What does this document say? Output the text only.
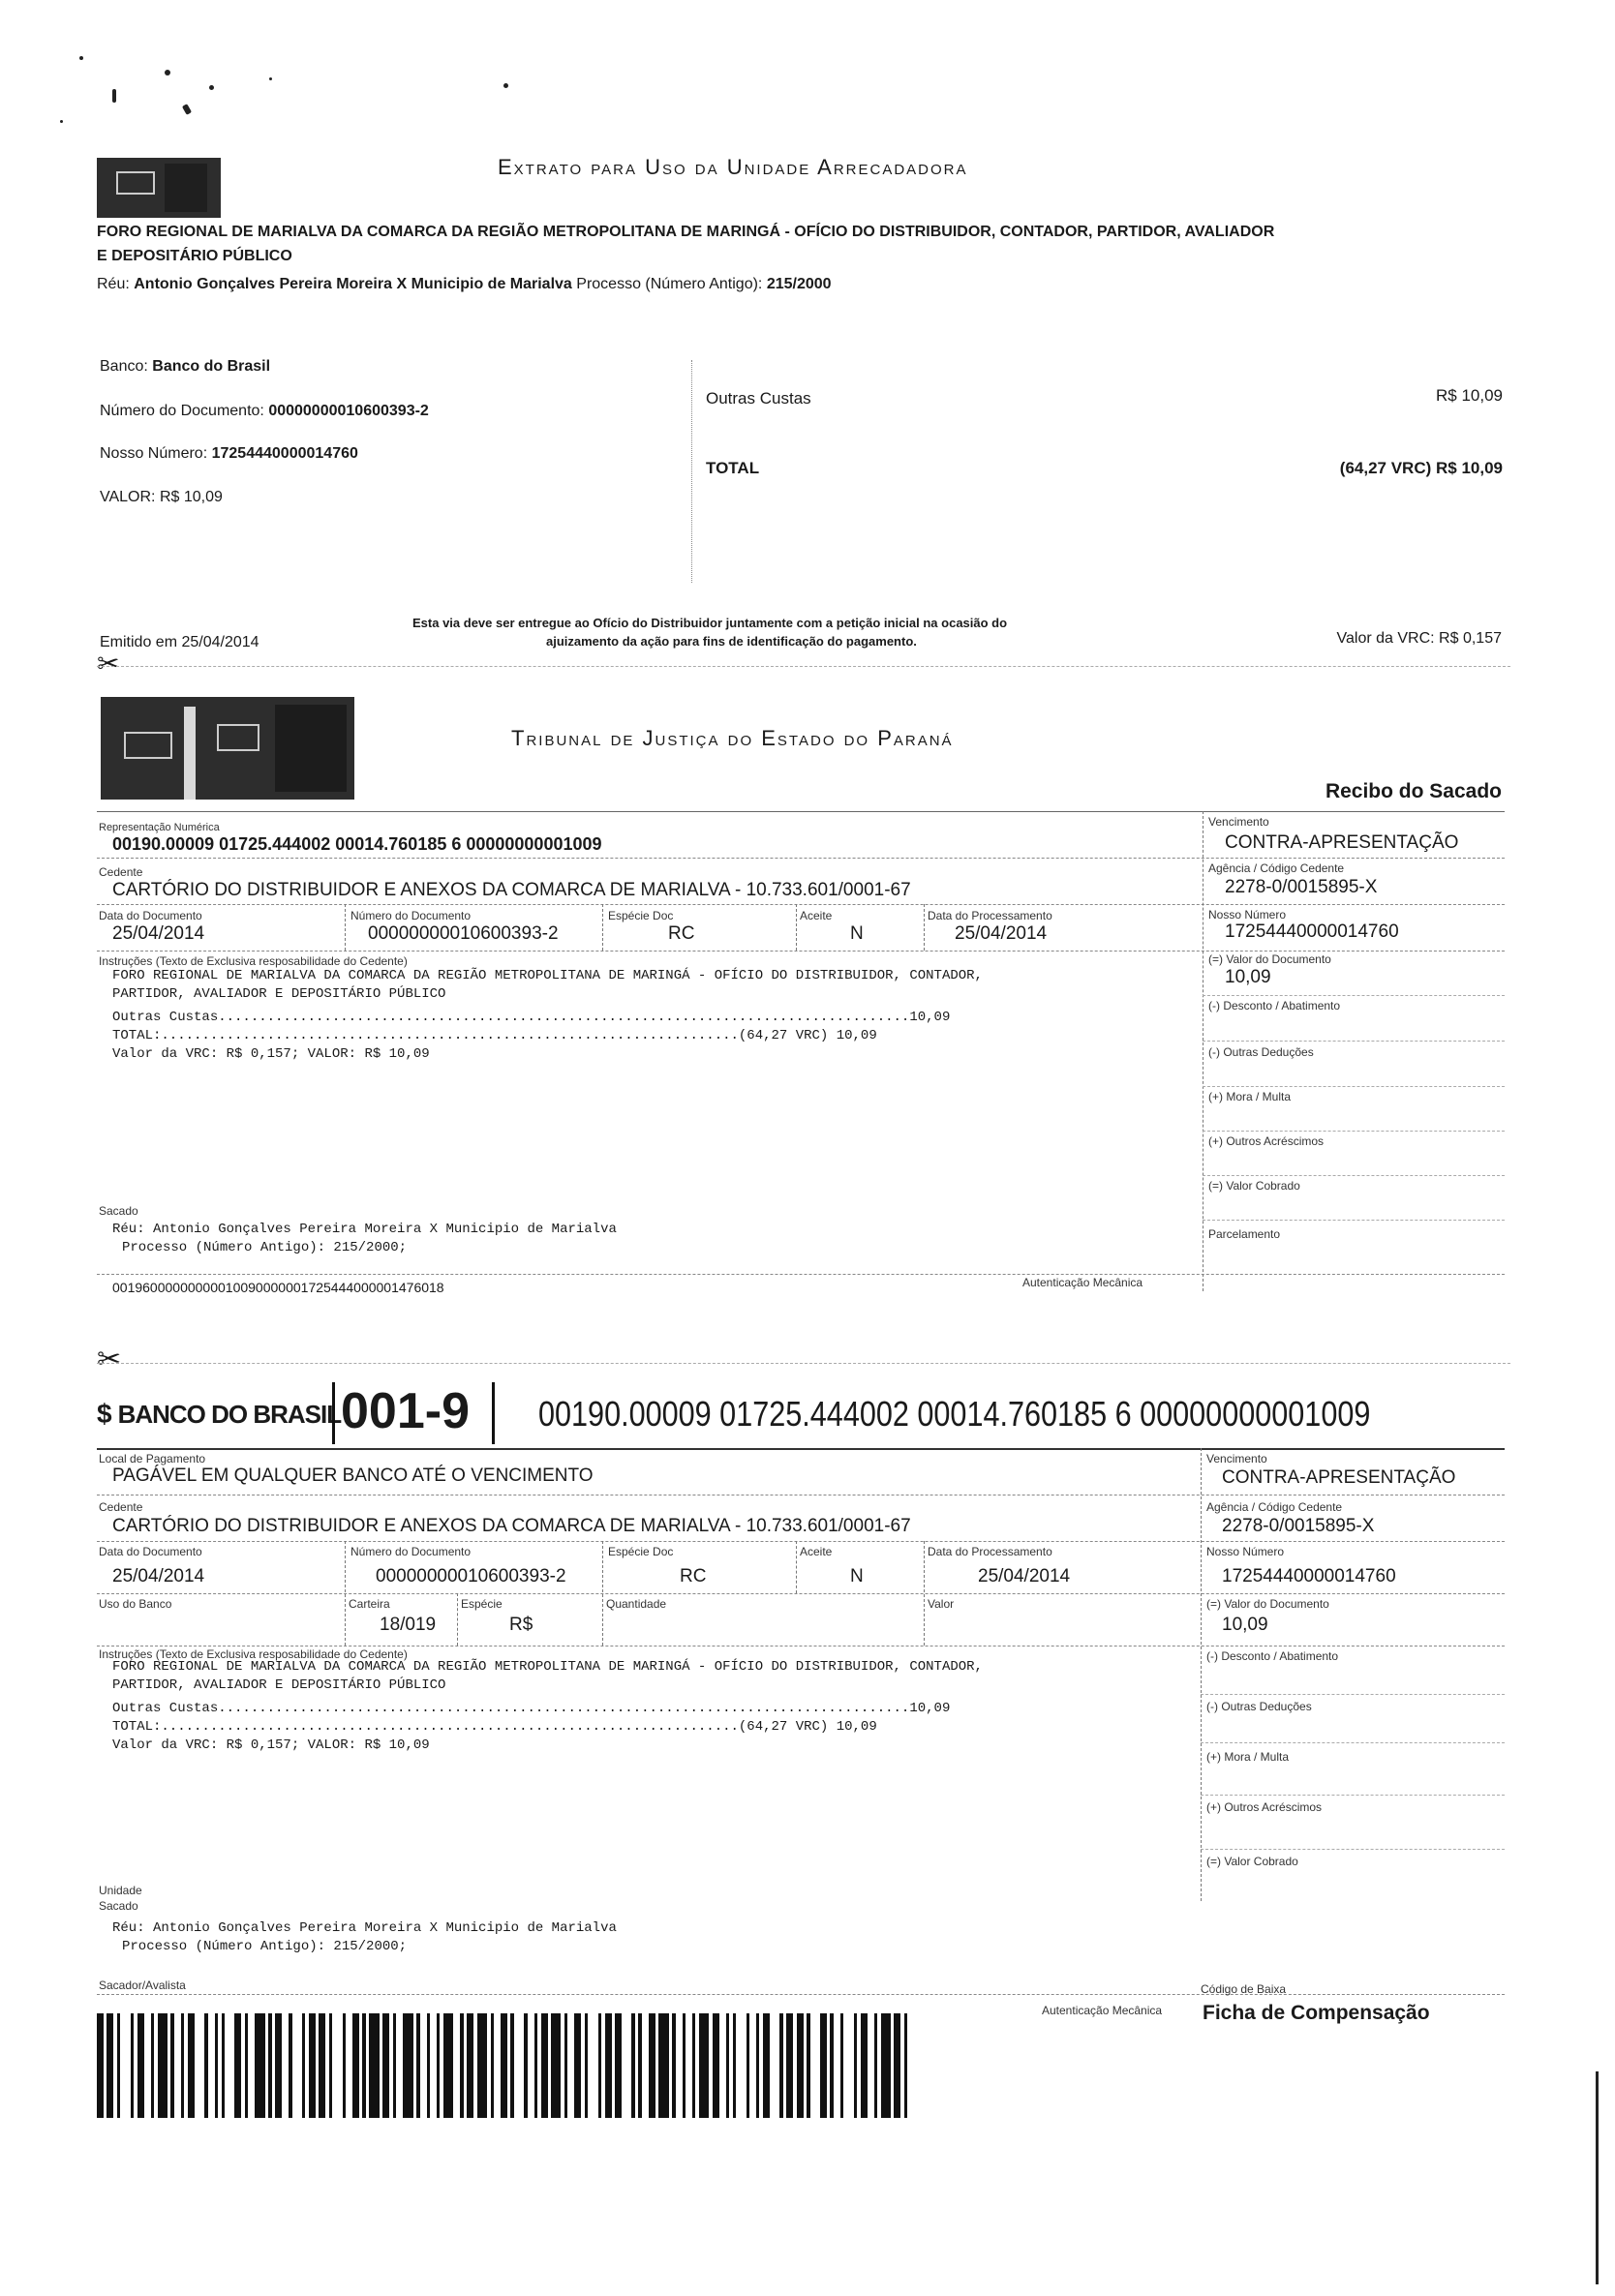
Extrato para Uso da Unidade Arrecadadora
FORO REGIONAL DE MARIALVA DA COMARCA DA REGIÃO METROPOLITANA DE MARINGÁ - OFÍCIO DO DISTRIBUIDOR, CONTADOR, PARTIDOR, AVALIADOR
E DEPOSITÁRIO PÚBLICO
Réu: Antonio Gonçalves Pereira Moreira X Municipio de Marialva Processo (Número Antigo): 215/2000
Banco: Banco do Brasil
Número do Documento: 00000000010600393-2
Nosso Número: 17254440000014760
VALOR: R$ 10,09
Outras Custas	R$ 10,09
TOTAL	(64,27 VRC) R$ 10,09
Emitido em 25/04/2014
Esta via deve ser entregue ao Ofício do Distribuidor juntamente com a petição inicial na ocasião do
ajuizamento da ação para fins de identificação do pagamento.	Valor da VRC: R$ 0,157
✂
Tribunal de Justiça do Estado do Paraná
Recibo do Sacado
Representação Numérica
00190.00009 01725.444002 00014.760185 6 00000000001009
Vencimento
CONTRA-APRESENTAÇÃO
Cedente
CARTÓRIO DO DISTRIBUIDOR E ANEXOS DA COMARCA DE MARIALVA - 10.733.601/0001-67
Agência / Código Cedente
2278-0/0015895-X
Data do Documento
25/04/2014
Número do Documento
00000000010600393-2
Espécie Doc
RC
Aceite
N
Data do Processamento
25/04/2014
Nosso Número
17254440000014760
Instruções (Texto de Exclusiva resposabilidade do Cedente)
FORO REGIONAL DE MARIALVA DA COMARCA DA REGIÃO METROPOLITANA DE MARINGÁ - OFÍCIO DO DISTRIBUIDOR, CONTADOR,
PARTIDOR, AVALIADOR E DEPOSITÁRIO PÚBLICO
Outras Custas.....................................................................................10,09
TOTAL:.......................................................................(64,27 VRC) 10,09
Valor da VRC: R$ 0,157; VALOR: R$ 10,09
(=) Valor do Documento
10,09
(-) Desconto / Abatimento
(-) Outras Deduções
(+) Mora / Multa
(+) Outros Acréscimos
(=) Valor Cobrado
Parcelamento
Sacado
Réu: Antonio Gonçalves Pereira Moreira X Municipio de Marialva
Processo (Número Antigo): 215/2000;
00196000000000010090000001725444000001476018	Autenticação Mecânica
✂
$ BANCO DO BRASIL 001-9 00190.00009 01725.444002 00014.760185 6 00000000001009
Local de Pagamento
PAGÁVEL EM QUALQUER BANCO ATÉ O VENCIMENTO
Vencimento
CONTRA-APRESENTAÇÃO
Cedente
CARTÓRIO DO DISTRIBUIDOR E ANEXOS DA COMARCA DE MARIALVA - 10.733.601/0001-67
Agência / Código Cedente
2278-0/0015895-X
Data do Documento
25/04/2014
Número do Documento
00000000010600393-2
Espécie Doc
RC
Aceite
N
Data do Processamento
25/04/2014
Nosso Número
17254440000014760
Uso do Banco	Carteira
18/019
Espécie
R$
Quantidade	Valor	(=) Valor do Documento
10,09
Instruções (Texto de Exclusiva resposabilidade do Cedente)
FORO REGIONAL DE MARIALVA DA COMARCA DA REGIÃO METROPOLITANA DE MARINGÁ - OFÍCIO DO DISTRIBUIDOR, CONTADOR,
PARTIDOR, AVALIADOR E DEPOSITÁRIO PÚBLICO
Outras Custas.....................................................................................10,09
TOTAL:.......................................................................(64,27 VRC) 10,09
Valor da VRC: R$ 0,157; VALOR: R$ 10,09
(-) Desconto / Abatimento
(-) Outras Deduções
(+) Mora / Multa
(+) Outros Acréscimos
(=) Valor Cobrado
Unidade
Sacado
Réu: Antonio Gonçalves Pereira Moreira X Municipio de Marialva
Processo (Número Antigo): 215/2000;
Sacador/Avalista	Código de Baixa
Autenticação Mecânica Ficha de Compensação
